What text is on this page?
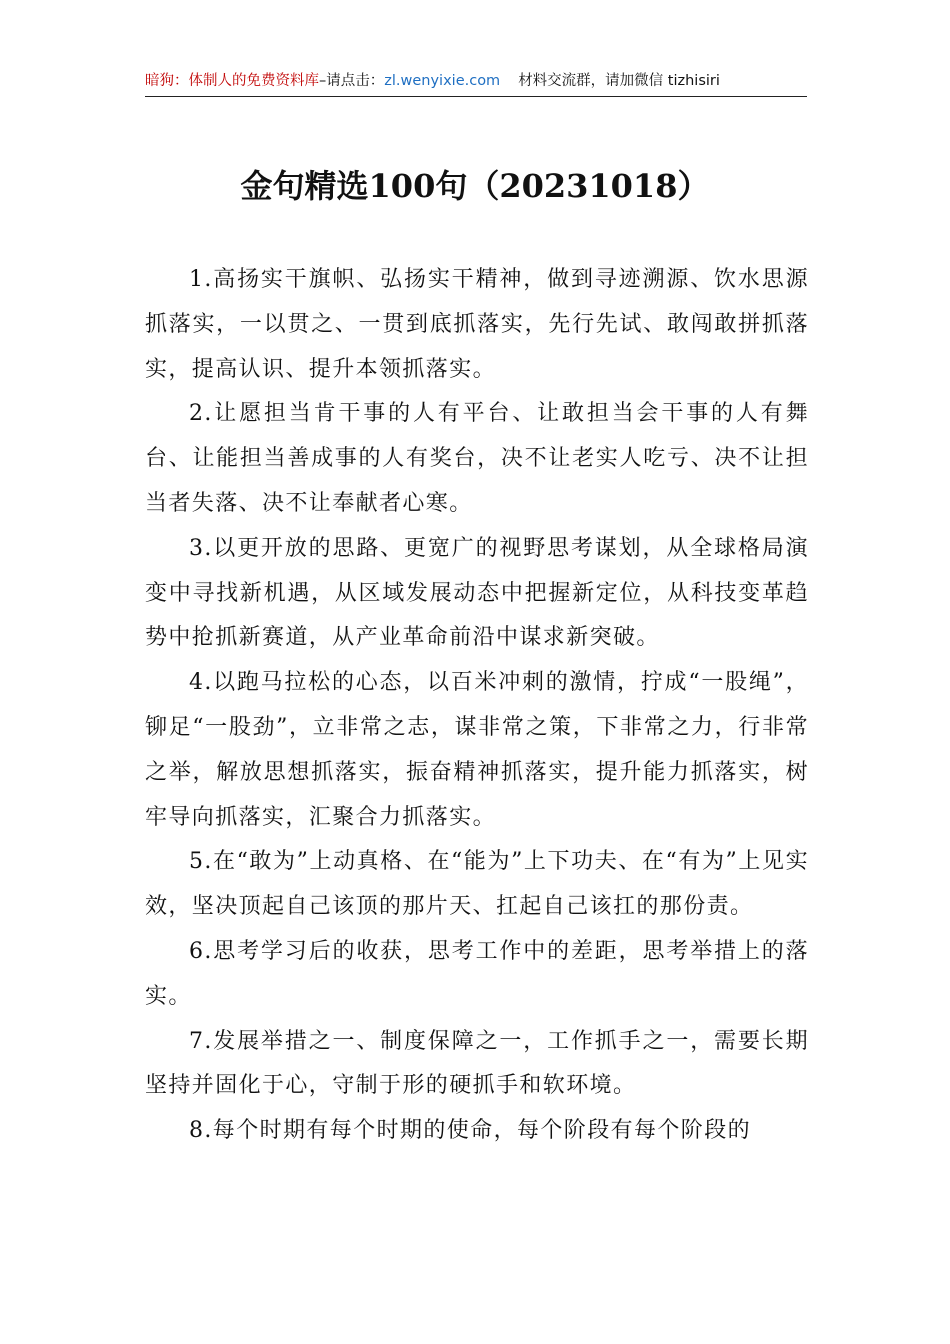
暗狗：体制人的免费资料库–请点击：zl.wenyixie.com 材料交流群，请加微信 tizhisiri
金句精选100句（20231018）

1.高扬实干旗帜、弘扬实干精神，做到寻迹溯源、饮水思源抓落实，一以贯之、一贯到底抓落实，先行先试、敢闯敢拼抓落实，提高认识、提升本领抓落实。

2.让愿担当肯干事的人有平台、让敢担当会干事的人有舞台、让能担当善成事的人有奖台，决不让老实人吃亏、决不让担当者失落、决不让奉献者心寒。

3.以更开放的思路、更宽广的视野思考谋划，从全球格局演变中寻找新机遇，从区域发展动态中把握新定位，从科技变革趋势中抢抓新赛道，从产业革命前沿中谋求新突破。

4.以跑马拉松的心态，以百米冲刺的激情，拧成“一股绳”，铆足“一股劲”，立非常之志，谋非常之策，下非常之力，行非常之举，解放思想抓落实，振奋精神抓落实，提升能力抓落实，树牢导向抓落实，汇聚合力抓落实。

5.在“敢为”上动真格、在“能为”上下功夫、在“有为”上见实效，坚决顶起自己该顶的那片天、扛起自己该扛的那份责。

6.思考学习后的收获，思考工作中的差距，思考举措上的落实。

7.发展举措之一、制度保障之一，工作抓手之一，需要长期坚持并固化于心，守制于形的硬抓手和软环境。

8.每个时期有每个时期的使命，每个阶段有每个阶段的
